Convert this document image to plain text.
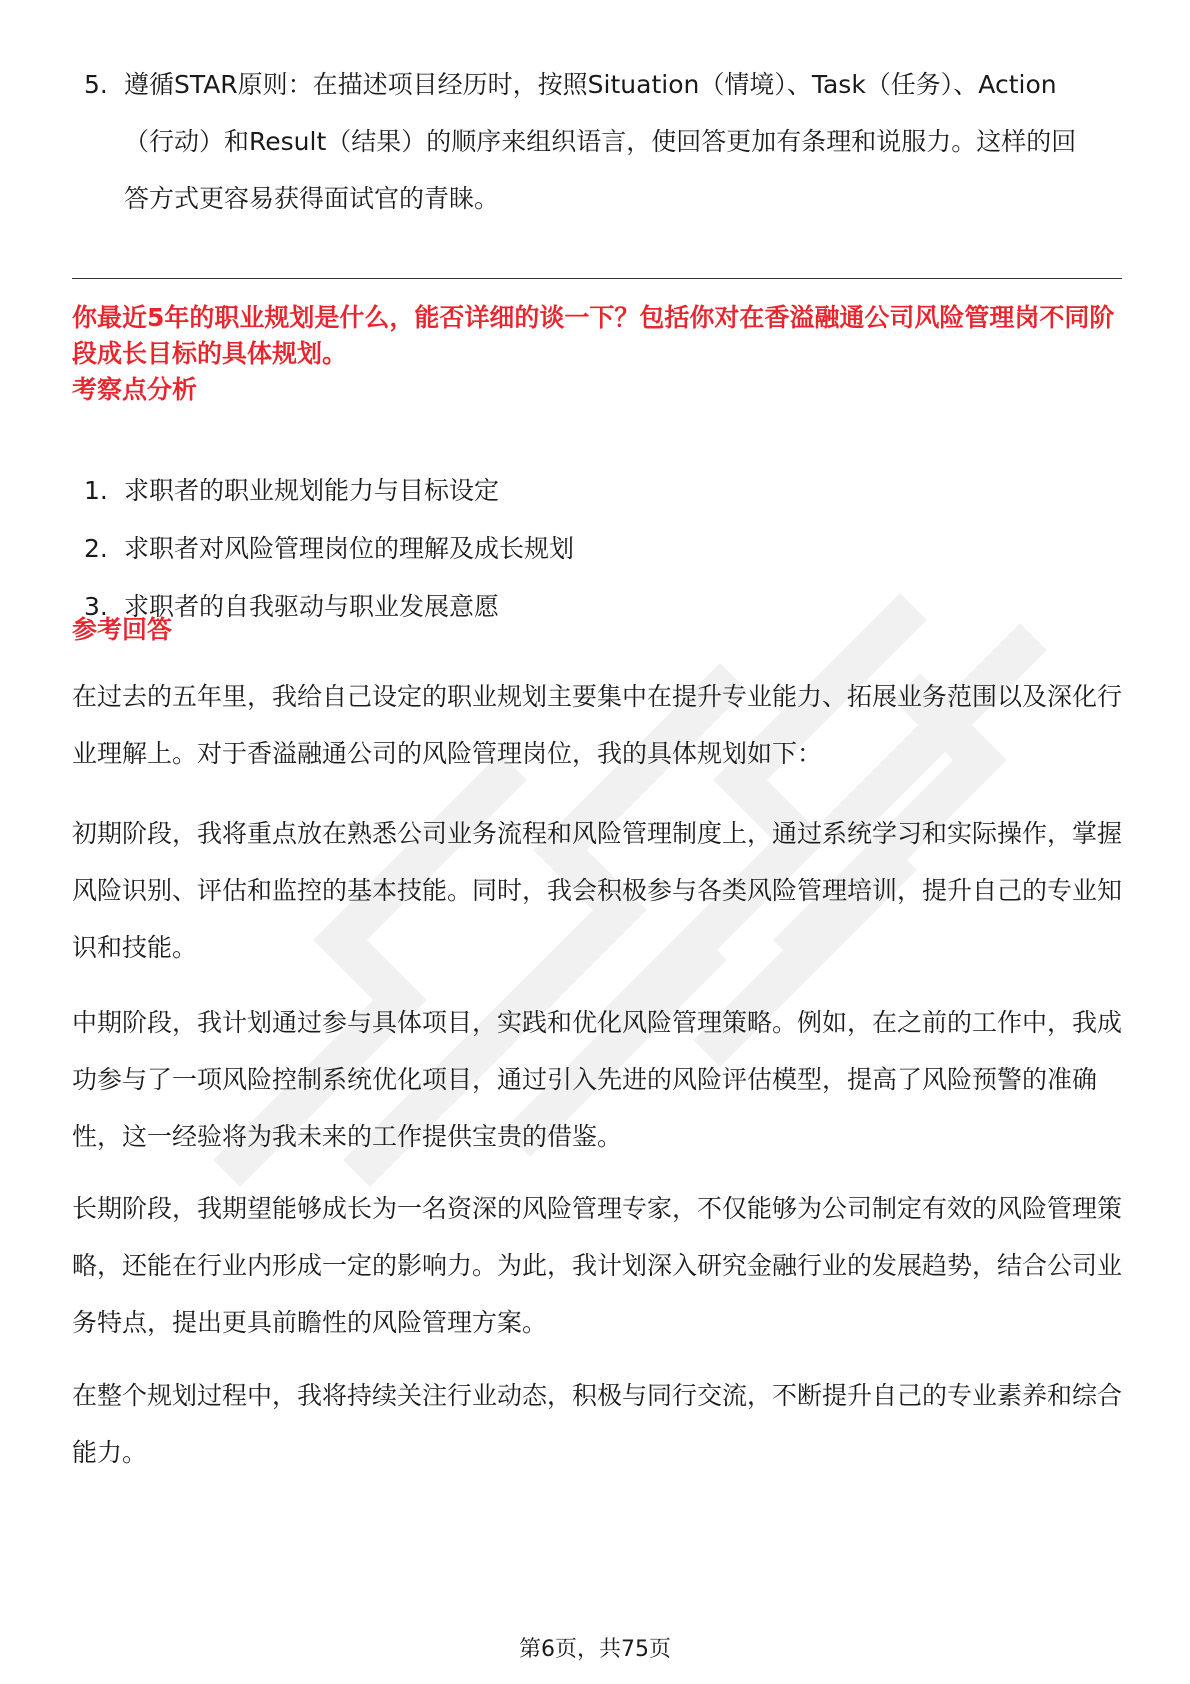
5. 遵循STAR原则：在描述项目经历时，按照Situation（情境）、Task（任务）、Action（行动）和Result（结果）的顺序来组织语言，使回答更加有条理和说服力。这样的回答方式更容易获得面试官的青睐。
你最近5年的职业规划是什么，能否详细的谈一下？包括你对在香溢融通公司风险管理岗不同阶段成长目标的具体规划。
考察点分析
1. 求职者的职业规划能力与目标设定
2. 求职者对风险管理岗位的理解及成长规划
3. 求职者的自我驱动与职业发展意愿
参考回答

在过去的五年里，我给自己设定的职业规划主要集中在提升专业能力、拓展业务范围以及深化行业理解上。对于香溢融通公司的风险管理岗位，我的具体规划如下：

初期阶段，我将重点放在熟悉公司业务流程和风险管理制度上，通过系统学习和实际操作，掌握风险识别、评估和监控的基本技能。同时，我会积极参与各类风险管理培训，提升自己的专业知识和技能。

中期阶段，我计划通过参与具体项目，实践和优化风险管理策略。例如，在之前的工作中，我成功参与了一项风险控制系统优化项目，通过引入先进的风险评估模型，提高了风险预警的准确性，这一经验将为我未来的工作提供宝贵的借鉴。

长期阶段，我期望能够成长为一名资深的风险管理专家，不仅能够为公司制定有效的风险管理策略，还能在行业内形成一定的影响力。为此，我计划深入研究金融行业的发展趋势，结合公司业务特点，提出更具前瞻性的风险管理方案。

在整个规划过程中，我将持续关注行业动态，积极与同行交流，不断提升自己的专业素养和综合能力。

第6页，共75页
